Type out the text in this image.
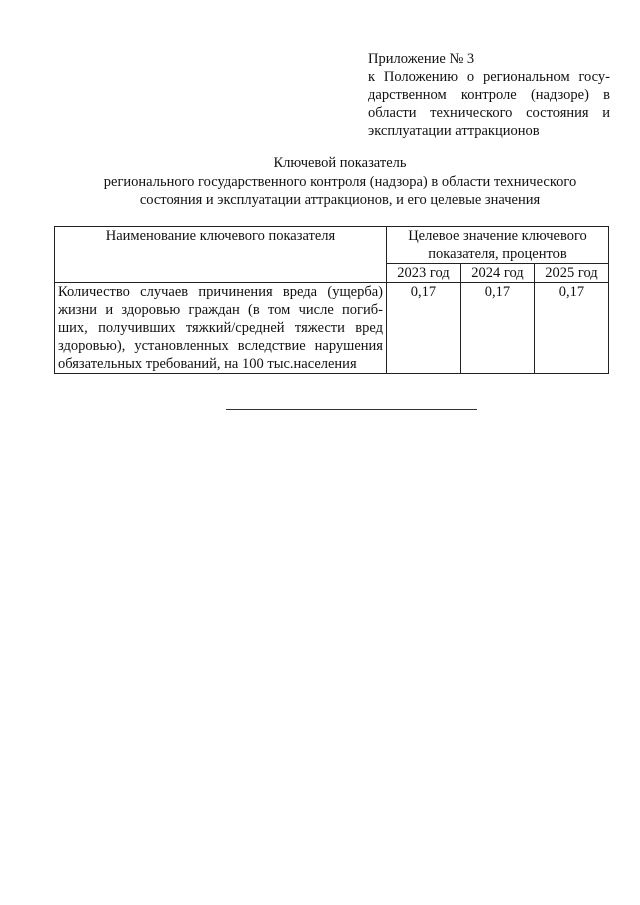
Приложение № 3
к Положению о региональном госу-
дарственном контроле (надзоре) в
области технического состояния и
эксплуатации аттракционов
Ключевой показатель
регионального государственного контроля (надзора) в области технического
состояния и эксплуатации аттракционов, и его целевые значения
Наименование ключевого показателя	Целевое значение ключевого
показателя, процентов		

	2023 год	2024 год	2025 год

Количество случаев причинения вреда (ущерба)
жизни и здоровью граждан (в том числе погиб-
ших, получивших тяжкий/средней тяжести вред
здоровью), установленных вследствие нарушения
обязательных требований, на 100 тыс.населения	0,17	0,17	0,17
